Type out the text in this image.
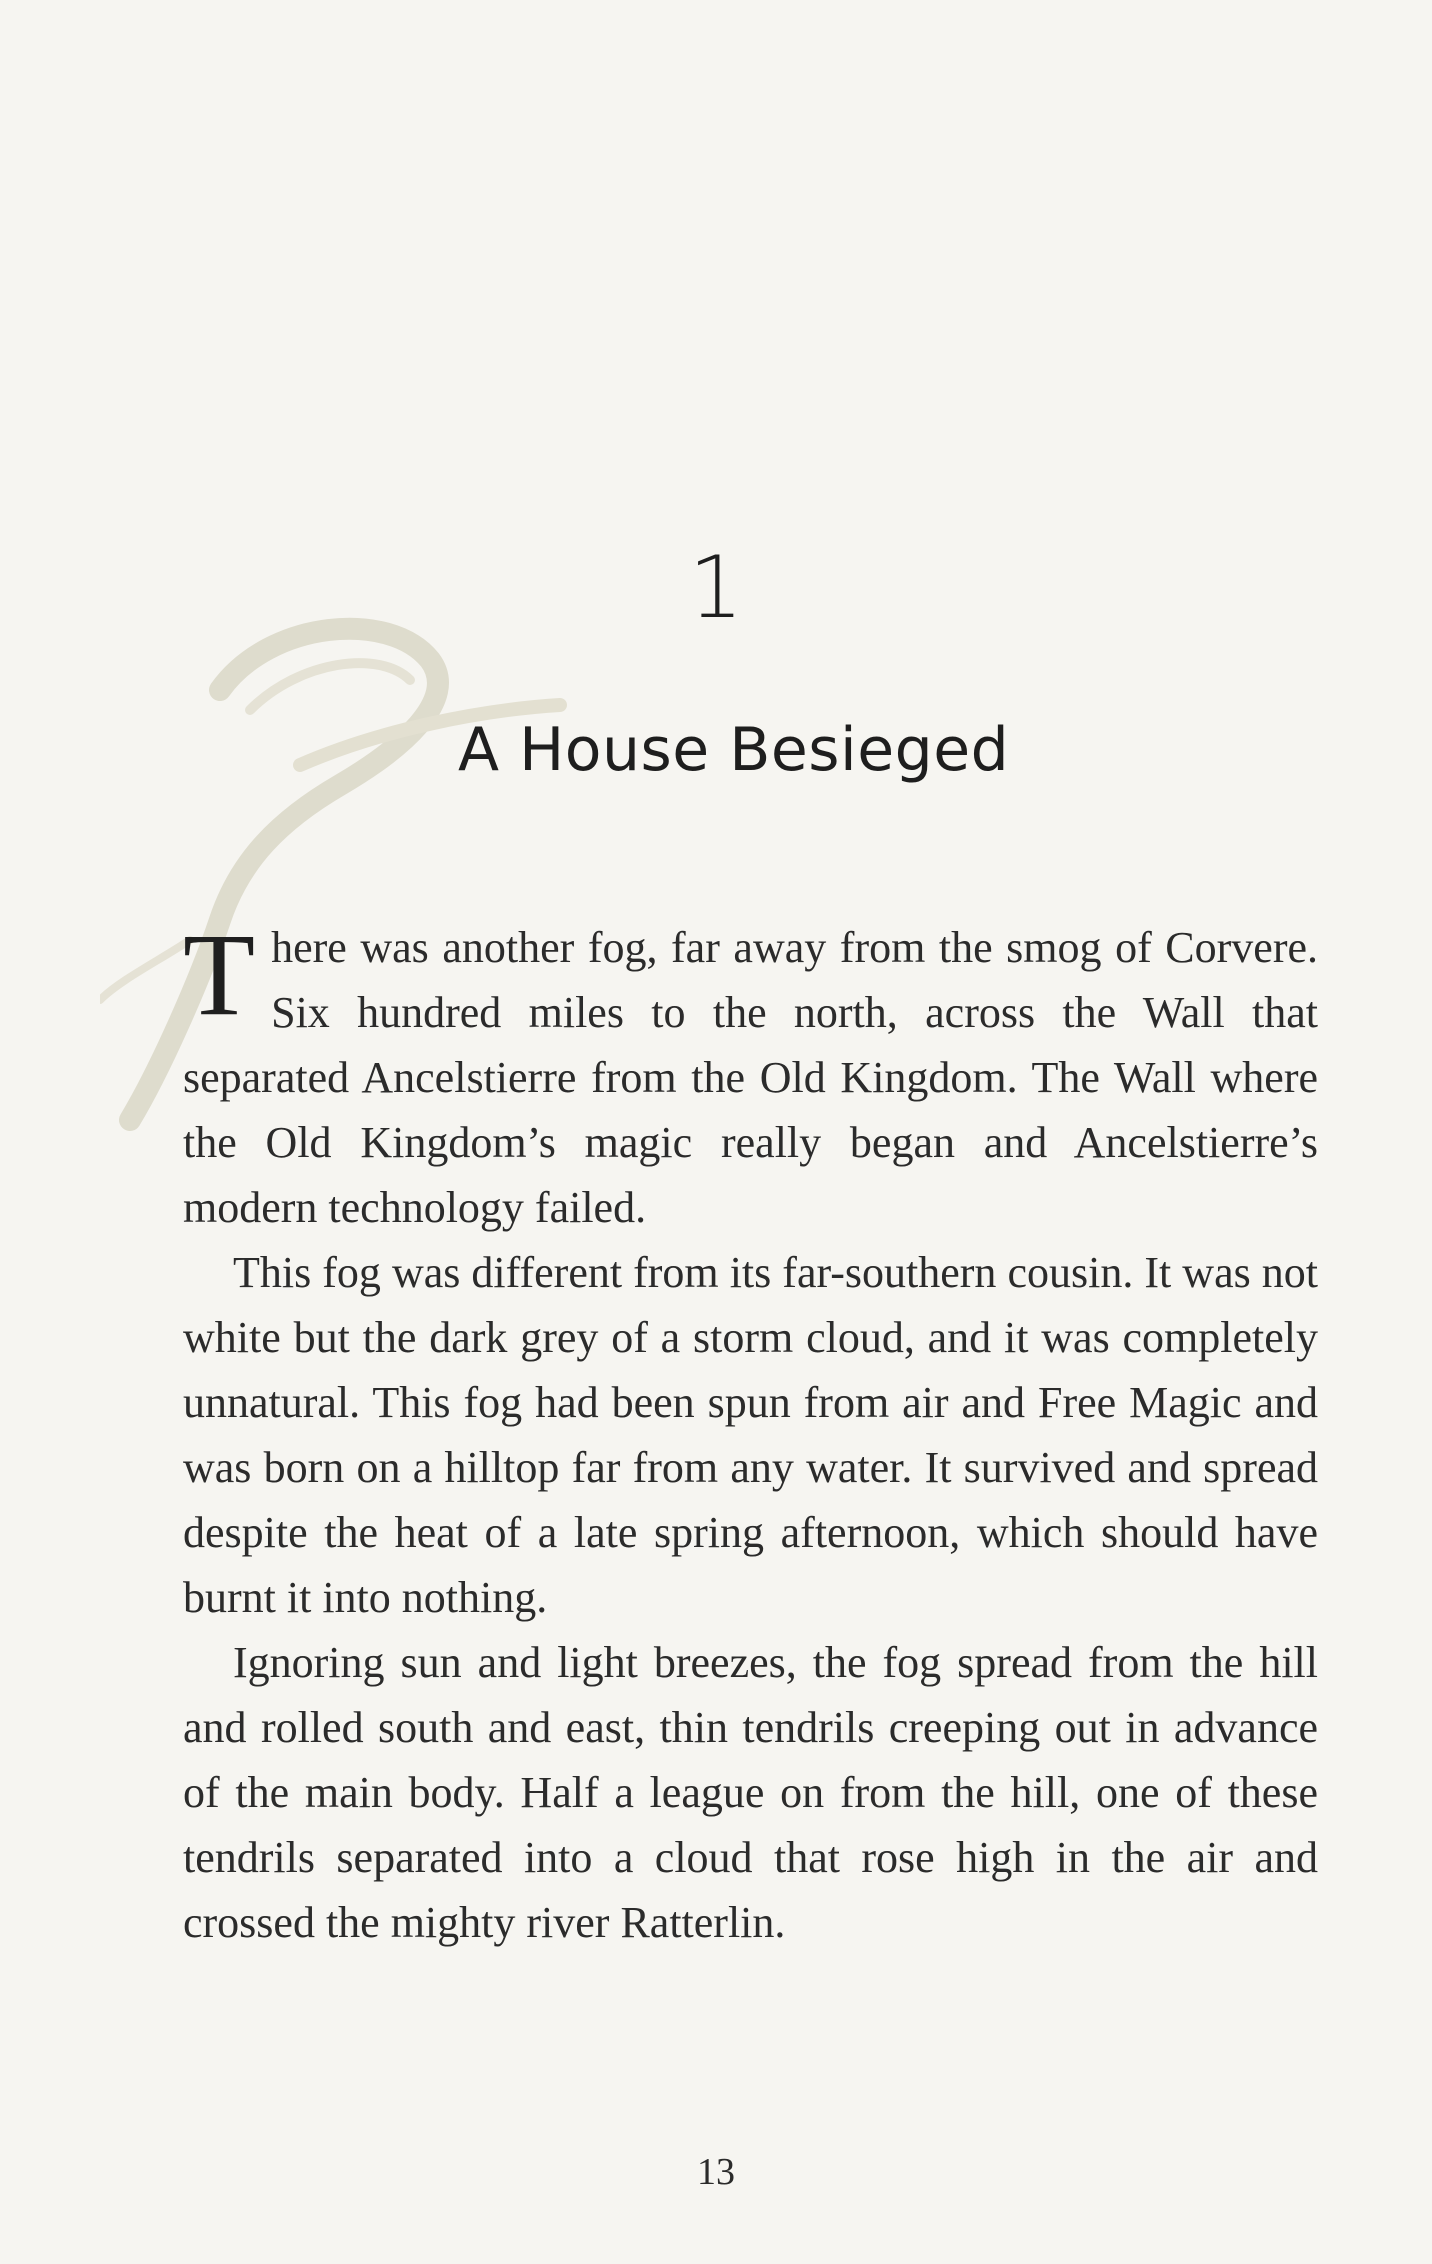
1
A House Besieged

There was another fog, far away from the smog of Corvere. Six hundred miles to the north, across the Wall that separated Ancelstierre from the Old Kingdom. The Wall where the Old Kingdom’s magic really began and Ancelstierre’s modern technology failed.

This fog was different from its far-southern cousin. It was not white but the dark grey of a storm cloud, and it was completely unnatural. This fog had been spun from air and Free Magic and was born on a hilltop far from any water. It survived and spread despite the heat of a late spring afternoon, which should have burnt it into nothing.

Ignoring sun and light breezes, the fog spread from the hill and rolled south and east, thin tendrils creeping out in advance of the main body. Half a league on from the hill, one of these tendrils separated into a cloud that rose high in the air and crossed the mighty river Ratterlin.

13
